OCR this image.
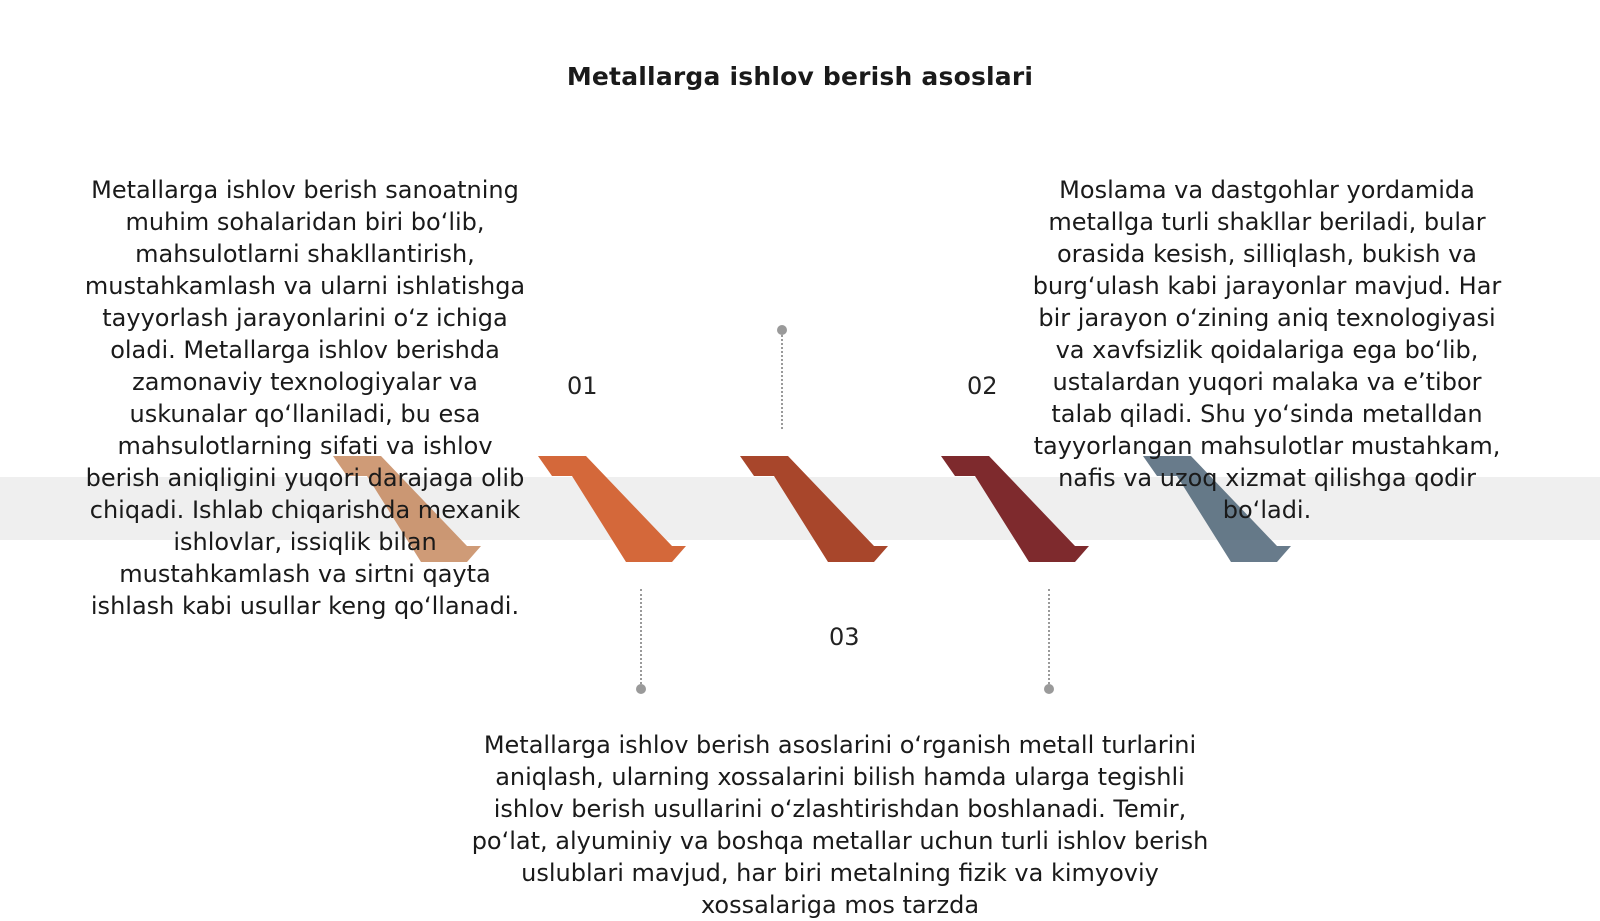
Metallarga ishlov berish asoslari
01	02
03
Metallarga ishlov berish sanoatning muhim sohalaridan biri bo‘lib, mahsulotlarni shakllantirish, mustahkamlash va ularni ishlatishga tayyorlash jarayonlarini o‘z ichiga oladi. Metallarga ishlov berishda zamonaviy texnologiyalar va uskunalar qo‘llaniladi, bu esa mahsulotlarning sifati va ishlov berish aniqligini yuqori darajaga olib chiqadi. Ishlab chiqarishda mexanik ishlovlar, issiqlik bilan mustahkamlash va sirtni qayta ishlash kabi usullar keng qo‘llanadi.
Moslama va dastgohlar yordamida metallga turli shakllar beriladi, bular orasida kesish, silliqlash, bukish va burg‘ulash kabi jarayonlar mavjud. Har bir jarayon o‘zining aniq texnologiyasi va xavfsizlik qoidalariga ega bo‘lib, ustalardan yuqori malaka va e’tibor talab qiladi. Shu yo‘sinda metalldan tayyorlangan mahsulotlar mustahkam, nafis va uzoq xizmat qilishga qodir bo‘ladi.
Metallarga ishlov berish asoslarini o‘rganish metall turlarini aniqlash, ularning xossalarini bilish hamda ularga tegishli ishlov berish usullarini o‘zlashtirishdan boshlanadi. Temir, po‘lat, alyuminiy va boshqa metallar uchun turli ishlov berish uslublari mavjud, har biri metalning fizik va kimyoviy xossalariga mos tarzda
